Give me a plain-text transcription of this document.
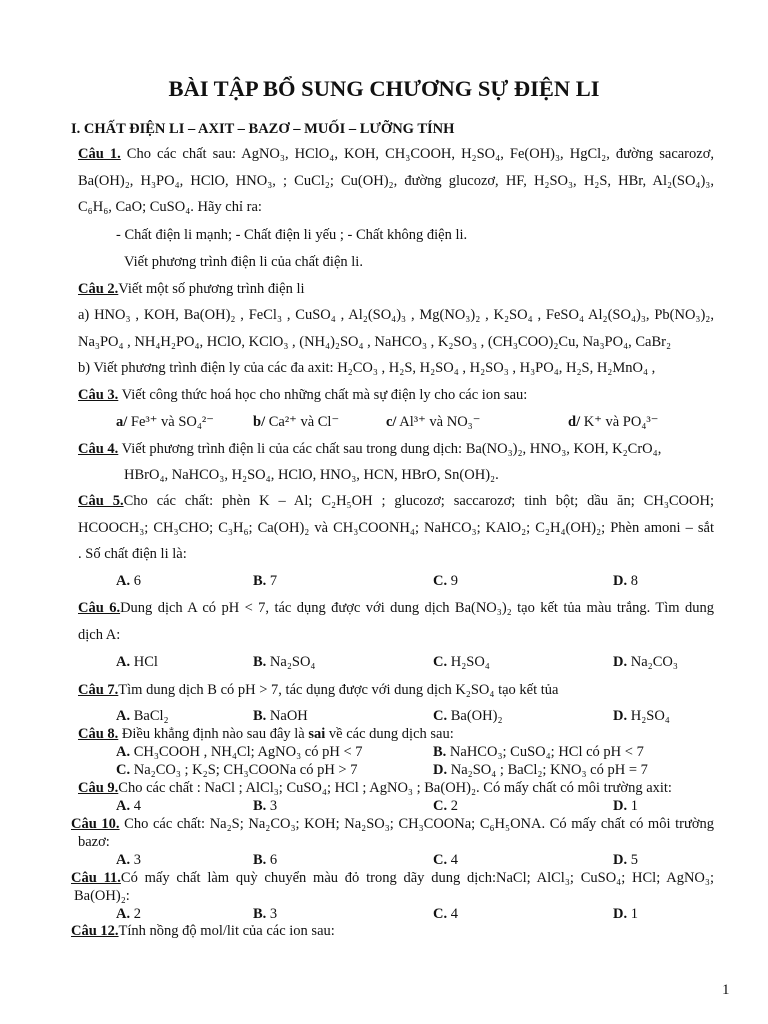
BÀI TẬP BỔ SUNG CHƯƠNG SỰ ĐIỆN LI
I. CHẤT ĐIỆN LI – AXIT – BAZƠ – MUỐI – LƯỠNG TÍNH
Câu 1. Cho các chất sau: AgNO₃, HClO₄, KOH, CH₃COOH, H₂SO₄, Fe(OH)₃, HgCl₂, đường sacarozơ,
Ba(OH)₂, H₃PO₄, HClO, HNO₃, ; CuCl₂; Cu(OH)₂, đường glucozơ, HF, H₂SO₃, H₂S, HBr, Al₂(SO₄)₃,
C₆H₆, CaO; CuSO₄. Hãy chỉ ra:
- Chất điện li mạnh; - Chất điện li yếu ; - Chất không điện li.
Viết phương trình điện li của chất điện li.
Câu 2.Viết một số phương trình điện li
a) HNO₃ , KOH, Ba(OH)₂ , FeCl₃ , CuSO₄ , Al₂(SO₄)₃ , Mg(NO₃)₂ , K₂SO₄ , FeSO₄ Al₂(SO₄)₃, Pb(NO₃)₂,
Na₃PO₄ , NH₄H₂PO₄, HClO, KClO₃ , (NH₄)₂SO₄ , NaHCO₃ , K₂SO₃ , (CH₃COO)₂Cu, Na₃PO₄, CaBr₂
b) Viết phương trình điện ly của các đa axit: H₂CO₃ , H₂S, H₂SO₄ , H₂SO₃ , H₃PO₄, H₂S, H₂MnO₄ ,
Câu 3. Viết công thức hoá học cho những chất mà sự điện ly cho các ion sau:
a/ Fe³⁺ và SO₄²⁻	b/ Ca²⁺ và Cl⁻	c/ Al³⁺ và NO₃⁻	d/ K⁺ và PO₄³⁻
Câu 4. Viết phương trình điện li của các chất sau trong dung dịch: Ba(NO₃)₂, HNO₃, KOH, K₂CrO₄,
HBrO₄, NaHCO₃, H₂SO₄, HClO, HNO₃, HCN, HBrO, Sn(OH)₂.
Câu 5.Cho các chất: phèn K – Al; C₂H₅OH ; glucozơ; saccarozơ; tinh bột; dầu ăn; CH₃COOH;
HCOOCH₃; CH₃CHO; C₃H₆; Ca(OH)₂ và CH₃COONH₄; NaHCO₃; KAlO₂; C₂H₄(OH)₂; Phèn amoni – sắt
. Số chất điện li là:
A. 6	B. 7	C. 9	D. 8
Câu 6.Dung dịch A có pH < 7, tác dụng được với dung dịch Ba(NO₃)₂ tạo kết tủa màu trắng. Tìm dung
dịch A:
A. HCl	B. Na₂SO₄	C. H₂SO₄	D. Na₂CO₃
Câu 7.Tìm dung dịch B có pH > 7, tác dụng được với dung dịch K₂SO₄ tạo kết tủa
A. BaCl₂	B. NaOH	C. Ba(OH)₂	D. H₂SO₄
Câu 8. Điều khẳng định nào sau đây là sai về các dung dịch sau:
A. CH₃COOH , NH₄Cl; AgNO₃ có pH < 7	B. NaHCO₃; CuSO₄; HCl có pH < 7
C. Na₂CO₃ ; K₂S; CH₃COONa có pH > 7	D. Na₂SO₄ ; BaCl₂; KNO₃ có pH = 7
Câu 9.Cho các chất : NaCl ; AlCl₃; CuSO₄; HCl ; AgNO₃ ; Ba(OH)₂. Có mấy chất có môi trường axit:
A. 4	B. 3	C. 2	D. 1
Câu 10. Cho các chất: Na₂S; Na₂CO₃; KOH; Na₂SO₃; CH₃COONa; C₆H₅ONA. Có mấy chất có môi trường
bazơ:
A. 3	B. 6	C. 4	D. 5
Câu 11.Có mấy chất làm quỳ chuyển màu đỏ trong dãy dung dịch:NaCl; AlCl₃; CuSO₄; HCl; AgNO₃;
Ba(OH)₂:
A. 2	B. 3	C. 4	D. 1
Câu 12.Tính nồng độ mol/lit của các ion sau:
1
